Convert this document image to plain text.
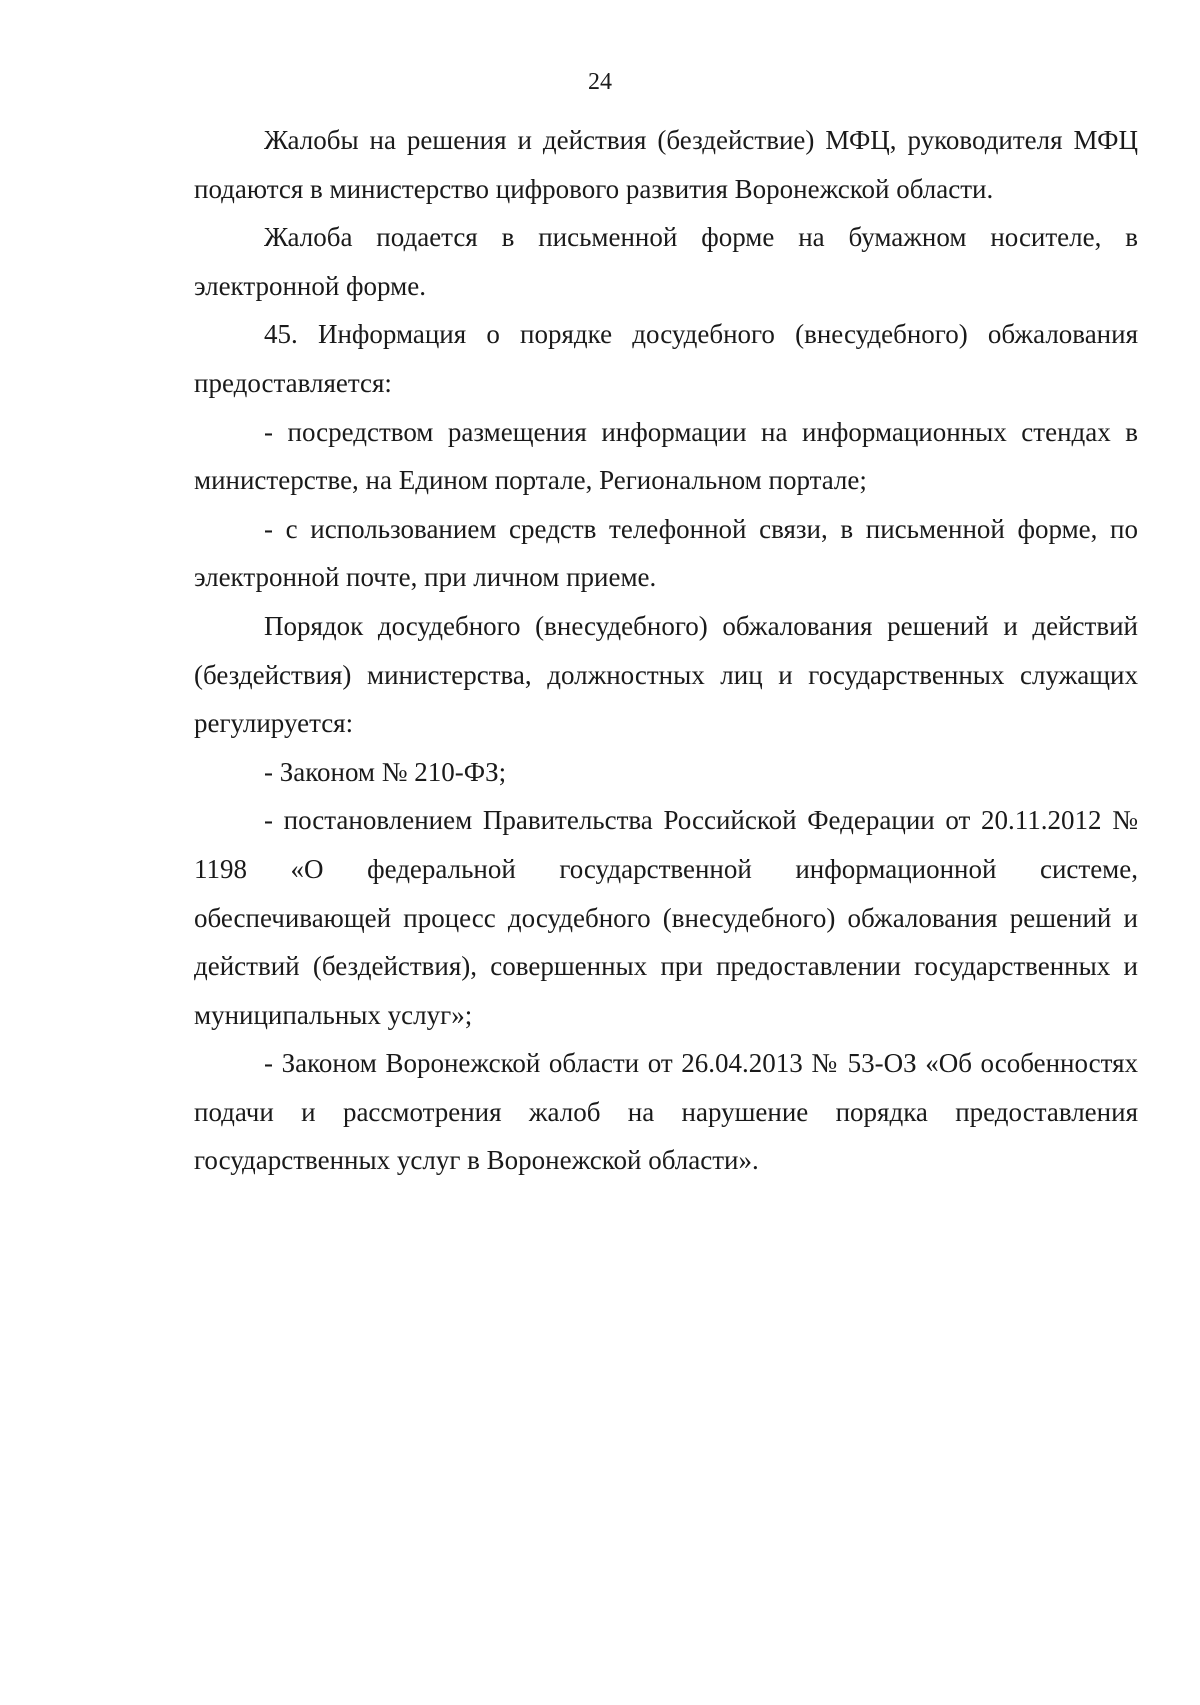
24

Жалобы на решения и действия (бездействие) МФЦ, руководителя МФЦ подаются в министерство цифрового развития Воронежской области.

Жалоба подается в письменной форме на бумажном носителе, в электронной форме.

45. Информация о порядке досудебного (внесудебного) обжалования предоставляется:

- посредством размещения информации на информационных стендах в министерстве, на Едином портале, Региональном портале;

- с использованием средств телефонной связи, в письменной форме, по электронной почте, при личном приеме.

Порядок досудебного (внесудебного) обжалования решений и действий (бездействия) министерства, должностных лиц и государственных служащих регулируется:

- Законом № 210-ФЗ;

- постановлением Правительства Российской Федерации от 20.11.2012 № 1198 «О федеральной государственной информационной системе, обеспечивающей процесс досудебного (внесудебного) обжалования решений и действий (бездействия), совершенных при предоставлении государственных и муниципальных услуг»;

- Законом Воронежской области от 26.04.2013 № 53-ОЗ «Об особенностях подачи и рассмотрения жалоб на нарушение порядка предоставления государственных услуг в Воронежской области».
